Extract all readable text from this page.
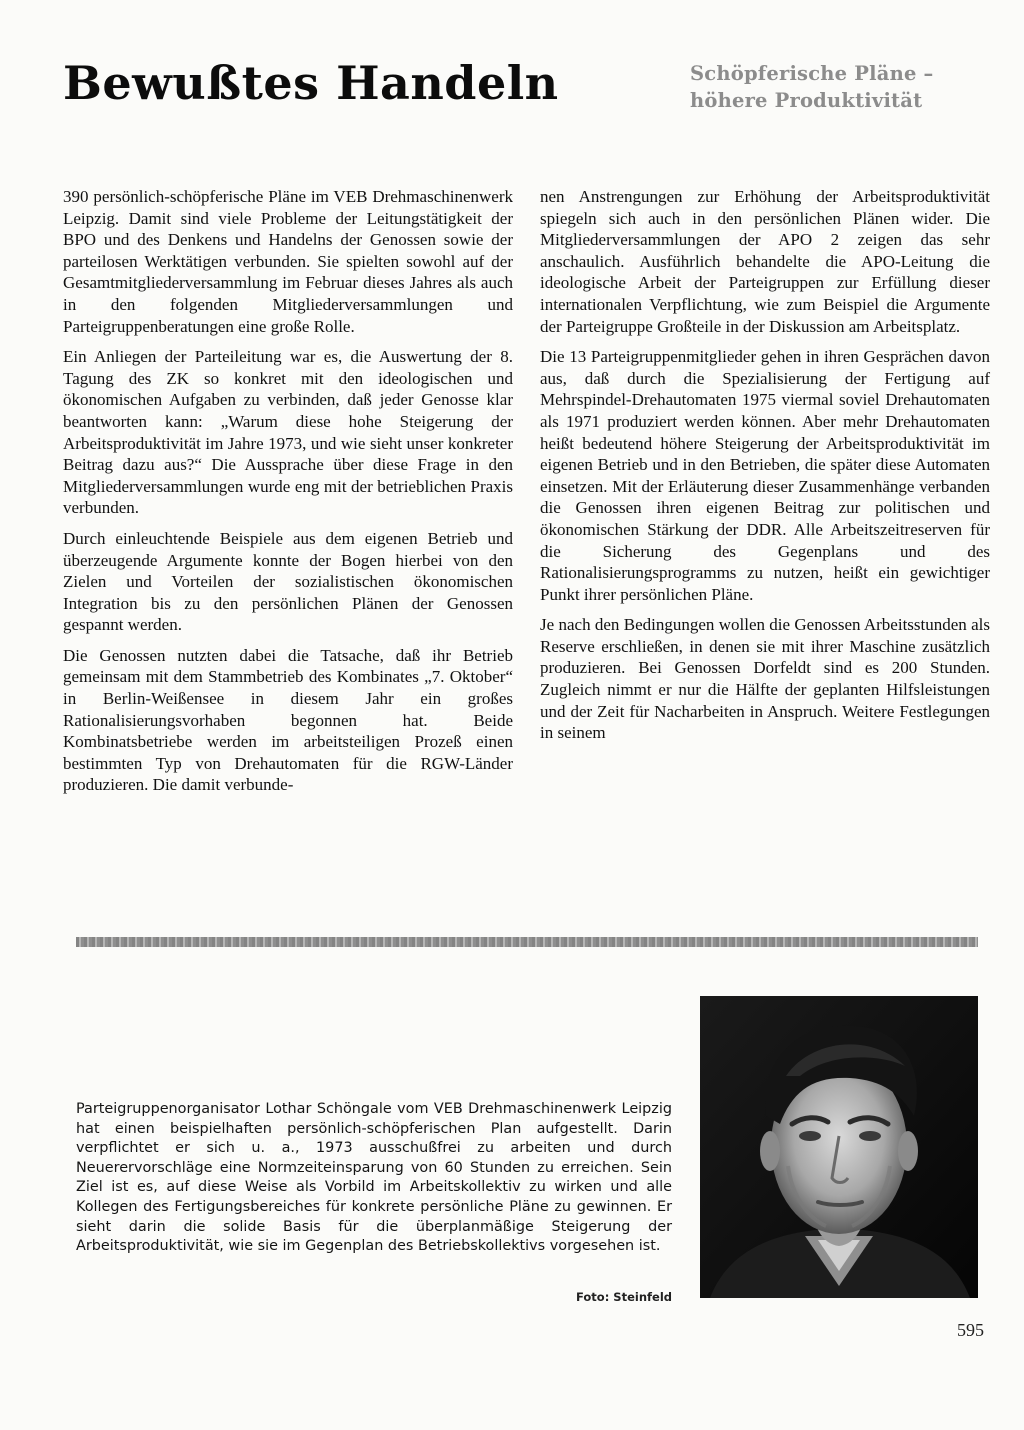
Bewußtes Handeln	Schöpferische Pläne –
höhere Produktivität

390 persönlich-schöpferische Pläne im VEB Drehmaschinenwerk Leipzig. Damit sind viele Probleme der Leitungstätigkeit der BPO und des Denkens und Handelns der Genossen sowie der parteilosen Werktätigen verbunden. Sie spielten sowohl auf der Gesamtmitgliederversammlung im Februar dieses Jahres als auch in den folgenden Mitgliederversammlungen und Parteigruppenberatungen eine große Rolle.

Ein Anliegen der Parteileitung war es, die Auswertung der 8. Tagung des ZK so konkret mit den ideologischen und ökonomischen Aufgaben zu verbinden, daß jeder Genosse klar beantworten kann: „Warum diese hohe Steigerung der Arbeitsproduktivität im Jahre 1973, und wie sieht unser konkreter Beitrag dazu aus?“ Die Aussprache über diese Frage in den Mitgliederversammlungen wurde eng mit der betrieblichen Praxis verbunden.

Durch einleuchtende Beispiele aus dem eigenen Betrieb und überzeugende Argumente konnte der Bogen hierbei von den Zielen und Vorteilen der sozialistischen ökonomischen Integration bis zu den persönlichen Plänen der Genossen gespannt werden.

Die Genossen nutzten dabei die Tatsache, daß ihr Betrieb gemeinsam mit dem Stammbetrieb des Kombinates „7. Oktober“ in Berlin-Weißensee in diesem Jahr ein großes Rationalisierungsvorhaben begonnen hat. Beide Kombinatsbetriebe werden im arbeitsteiligen Prozeß einen bestimmten Typ von Drehautomaten für die RGW-Länder produzieren. Die damit verbunde-

nen Anstrengungen zur Erhöhung der Arbeitsproduktivität spiegeln sich auch in den persönlichen Plänen wider. Die Mitgliederversammlungen der APO 2 zeigen das sehr anschaulich. Ausführlich behandelte die APO-Leitung die ideologische Arbeit der Parteigruppen zur Erfüllung dieser internationalen Verpflichtung, wie zum Beispiel die Argumente der Parteigruppe Großteile in der Diskussion am Arbeitsplatz.

Die 13 Parteigruppenmitglieder gehen in ihren Gesprächen davon aus, daß durch die Spezialisierung der Fertigung auf Mehrspindel-Drehautomaten 1975 viermal soviel Drehautomaten als 1971 produziert werden können. Aber mehr Drehautomaten heißt bedeutend höhere Steigerung der Arbeitsproduktivität im eigenen Betrieb und in den Betrieben, die später diese Automaten einsetzen. Mit der Erläuterung dieser Zusammenhänge verbanden die Genossen ihren eigenen Beitrag zur politischen und ökonomischen Stärkung der DDR. Alle Arbeitszeitreserven für die Sicherung des Gegenplans und des Rationalisierungsprogramms zu nutzen, heißt ein gewichtiger Punkt ihrer persönlichen Pläne.

Je nach den Bedingungen wollen die Genossen Arbeitsstunden als Reserve erschließen, in denen sie mit ihrer Maschine zusätzlich produzieren. Bei Genossen Dorfeldt sind es 200 Stunden. Zugleich nimmt er nur die Hälfte der geplanten Hilfsleistungen und der Zeit für Nacharbeiten in Anspruch. Weitere Festlegungen in seinem

Parteigruppenorganisator Lothar Schöngale vom VEB Drehmaschinenwerk Leipzig hat einen beispielhaften persönlich-schöpferischen Plan aufgestellt. Darin verpflichtet er sich u. a., 1973 ausschußfrei zu arbeiten und durch Neuerervorschläge eine Normzeiteinsparung von 60 Stunden zu erreichen. Sein Ziel ist es, auf diese Weise als Vorbild im Arbeitskollektiv zu wirken und alle Kollegen des Fertigungsbereiches für konkrete persönliche Pläne zu gewinnen. Er sieht darin die solide Basis für die überplanmäßige Steigerung der Arbeitsproduktivität, wie sie im Gegenplan des Betriebskollektivs vorgesehen ist.
Foto: Steinfeld
595
